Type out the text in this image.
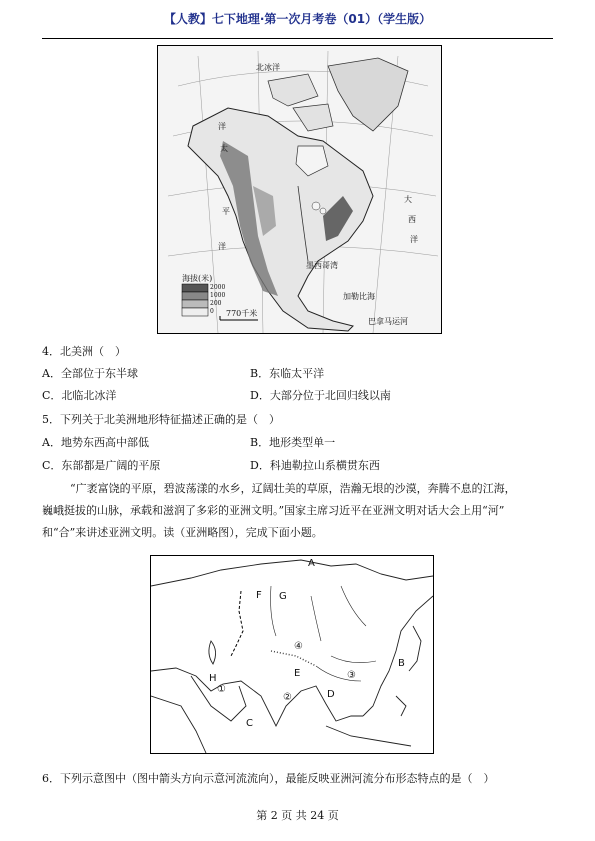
【人教】七下地理·第一次月考卷（01）（学生版）
北冰洋
洋
太
平
洋
大
西
洋
墨西哥湾
加勒比海
巴拿马运河
海拔(米)
2000
1000
200
0 770千米
4．北美洲（　）
A．全部位于东半球	B．东临太平洋
C．北临北冰洋	D．大部分位于北回归线以南
5．下列关于北美洲地形特征描述正确的是（　）
A．地势东西高中部低	B．地形类型单一
C．东部都是广阔的平原	D．科迪勒拉山系横贯东西
“广袤富饶的平原，碧波荡漾的水乡，辽阔壮美的草原，浩瀚无垠的沙漠，奔腾不息的江海，
巍峨挺拔的山脉，承载和滋润了多彩的亚洲文明。”国家主席习近平在亚洲文明对话大会上用“河”
和“合”来讲述亚洲文明。读（亚洲略图），完成下面小题。
A
B
C
D
E
F G
H
①
②
③
④
6．下列示意图中（图中箭头方向示意河流流向），最能反映亚洲河流分布形态特点的是（　）
第 2 页 共 24 页
